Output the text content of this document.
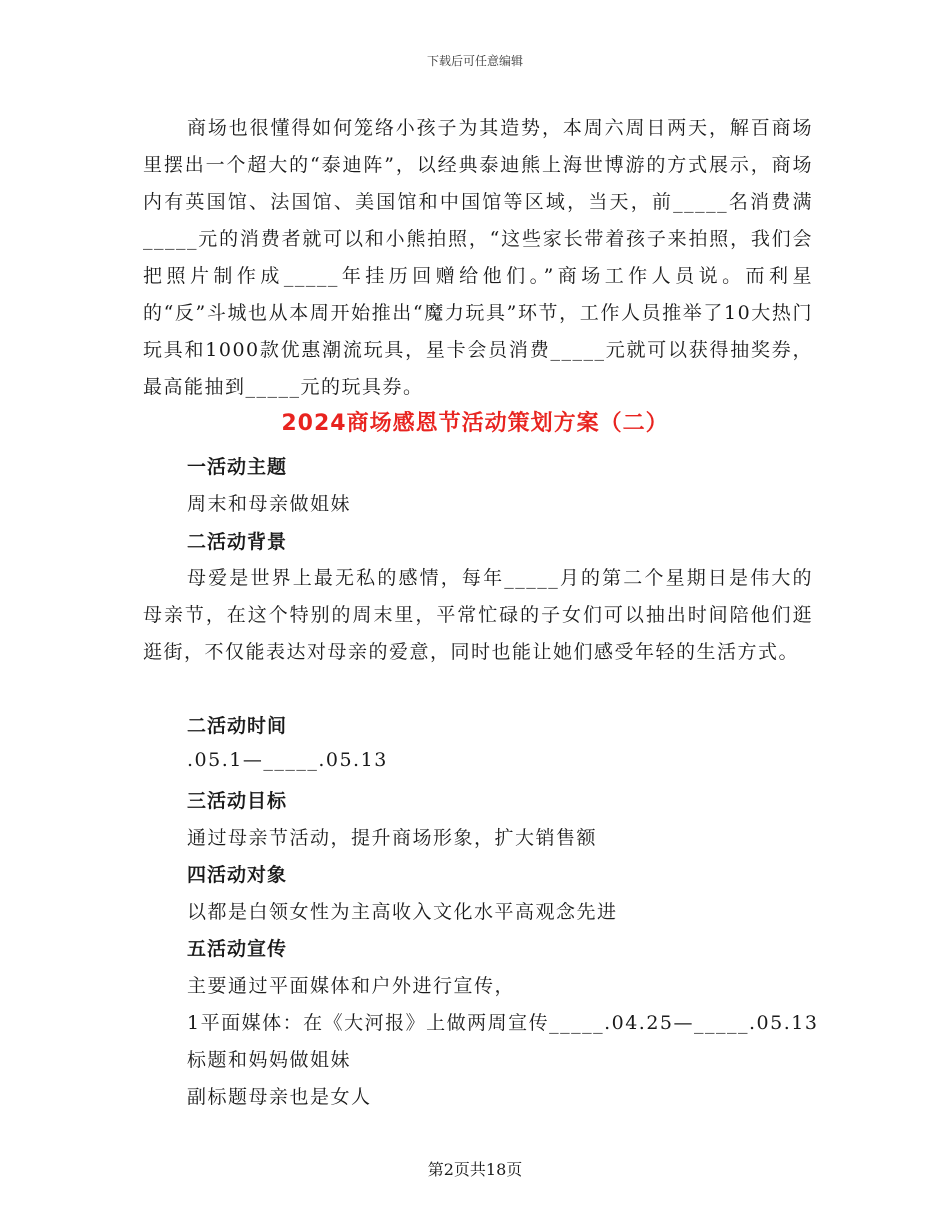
下载后可任意编辑
商场也很懂得如何笼络小孩子为其造势，本周六周日两天，解百商场里摆出一个超大的“泰迪阵”，以经典泰迪熊上海世博游的方式展示，商场内有英国馆、法国馆、美国馆和中国馆等区域，当天，前_____名消费满_____元的消费者就可以和小熊拍照，“这些家长带着孩子来拍照，我们会把照片制作成_____年挂历回赠给他们。”商场工作人员说。而利星的“反”斗城也从本周开始推出“魔力玩具”环节，工作人员推举了10大热门玩具和1000款优惠潮流玩具，星卡会员消费_____元就可以获得抽奖券，最高能抽到_____元的玩具券。
2024商场感恩节活动策划方案（二）
一活动主题
周末和母亲做姐妹
二活动背景
母爱是世界上最无私的感情，每年_____月的第二个星期日是伟大的母亲节，在这个特别的周末里，平常忙碌的子女们可以抽出时间陪他们逛逛街，不仅能表达对母亲的爱意，同时也能让她们感受年轻的生活方式。
二活动时间
.05.1—_____.05.13
三活动目标
通过母亲节活动，提升商场形象，扩大销售额
四活动对象
以都是白领女性为主高收入文化水平高观念先进
五活动宣传
主要通过平面媒体和户外进行宣传，
1平面媒体：在《大河报》上做两周宣传_____.04.25—_____.05.13
标题和妈妈做姐妹
副标题母亲也是女人
第2页共18页
